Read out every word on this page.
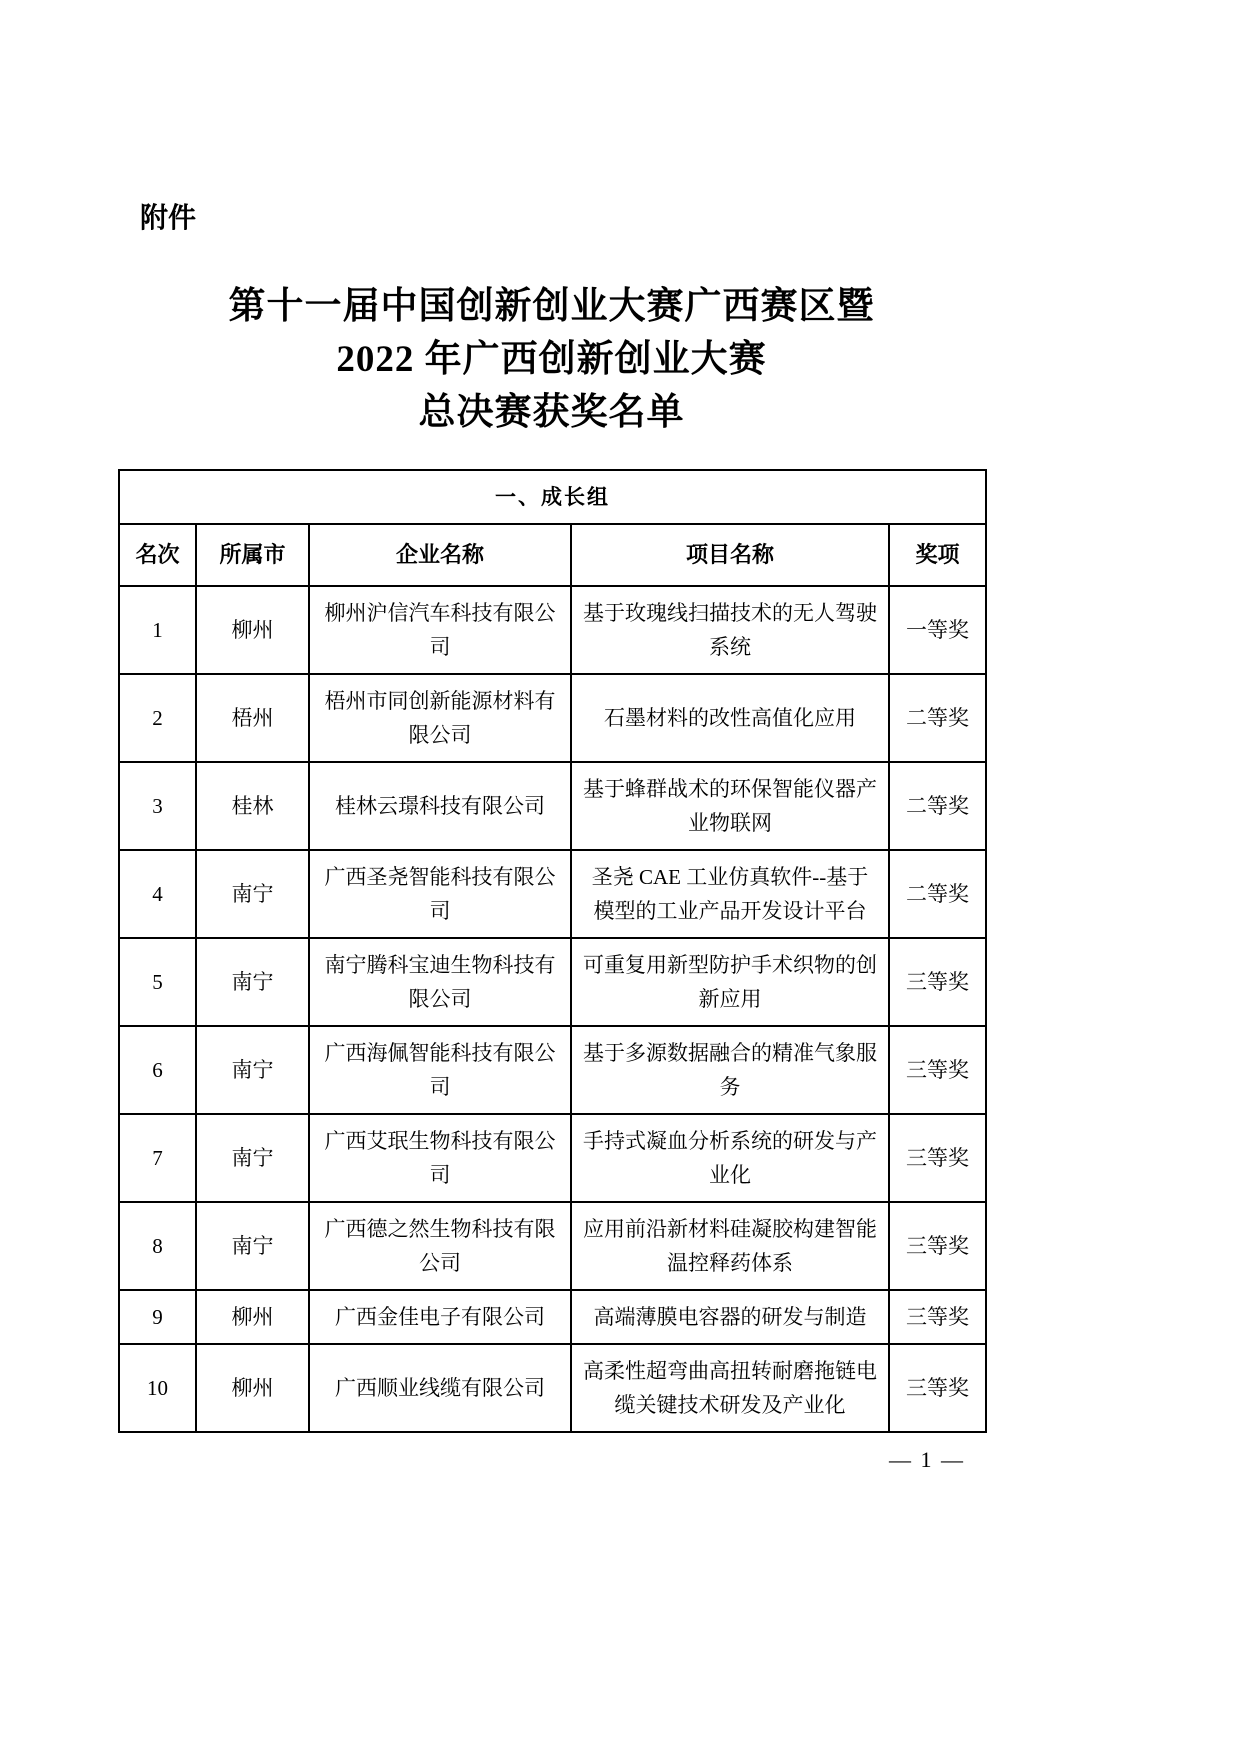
附件
第十一届中国创新创业大赛广西赛区暨
2022 年广西创新创业大赛
总决赛获奖名单
一、成长组				
名次	所属市	企业名称	项目名称	奖项
1	柳州	柳州沪信汽车科技有限公司	基于玫瑰线扫描技术的无人驾驶系统	一等奖
2	梧州	梧州市同创新能源材料有限公司	石墨材料的改性高值化应用	二等奖
3	桂林	桂林云璟科技有限公司	基于蜂群战术的环保智能仪器产业物联网	二等奖
4	南宁	广西圣尧智能科技有限公司	圣尧 CAE 工业仿真软件--基于模型的工业产品开发设计平台	二等奖
5	南宁	南宁腾科宝迪生物科技有限公司	可重复用新型防护手术织物的创新应用	三等奖
6	南宁	广西海佩智能科技有限公司	基于多源数据融合的精准气象服务	三等奖
7	南宁	广西艾珉生物科技有限公司	手持式凝血分析系统的研发与产业化	三等奖
8	南宁	广西德之然生物科技有限公司	应用前沿新材料硅凝胶构建智能温控释药体系	三等奖
9	柳州	广西金佳电子有限公司	高端薄膜电容器的研发与制造	三等奖
10	柳州	广西顺业线缆有限公司	高柔性超弯曲高扭转耐磨拖链电缆关键技术研发及产业化	三等奖
— 1 —
